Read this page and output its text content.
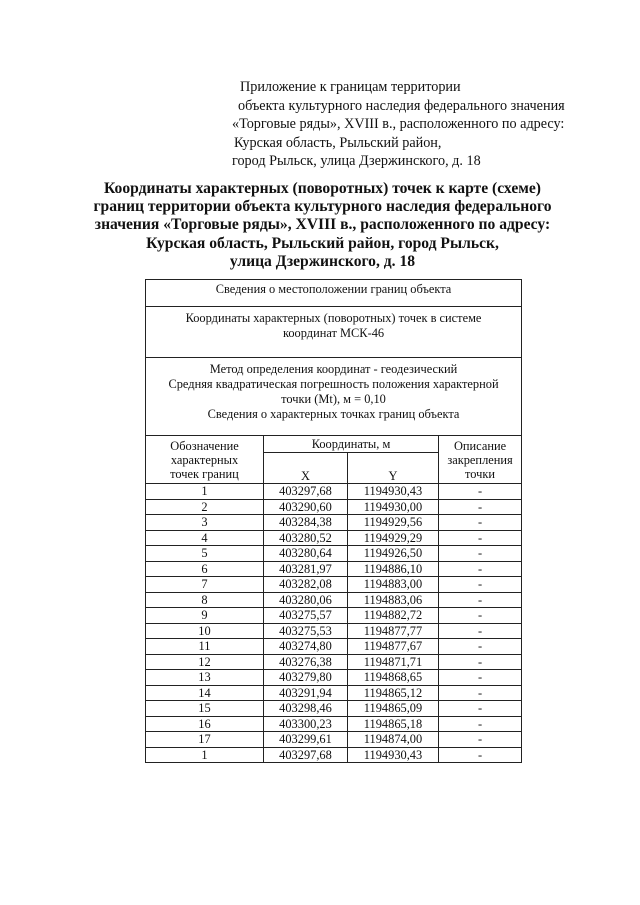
Приложение к границам территории
объекта культурного наследия федерального значения
«Торговые ряды», XVIII в., расположенного по адресу:
Курская область, Рыльский район,
город Рыльск, улица Дзержинского, д. 18
Координаты характерных (поворотных) точек к карте (схеме)
границ территории объекта культурного наследия федерального
значения «Торговые ряды», XVIII в., расположенного по адресу:
Курская область, Рыльский район, город Рыльск,
улица Дзержинского, д. 18
Сведения о местоположении границ объекта			

Координаты характерных (поворотных) точек в системе
координат МСК-46			

Метод определения координат - геодезический
Средняя квадратическая погрешность положения характерной
точки (Mt), м = 0,10
Сведения о характерных точках границ объекта			

Обозначение
характерных
точек границ
	Координаты, м	Описание
закрепления
точки

	X	Y	
1	403297,68	1194930,43	-
2	403290,60	1194930,00	-
3	403284,38	1194929,56	-
4	403280,52	1194929,29	-
5	403280,64	1194926,50	-
6	403281,97	1194886,10	-
7	403282,08	1194883,00	-
8	403280,06	1194883,06	-
9	403275,57	1194882,72	-
10	403275,53	1194877,77	-
11	403274,80	1194877,67	-
12	403276,38	1194871,71	-
13	403279,80	1194868,65	-
14	403291,94	1194865,12	-
15	403298,46	1194865,09	-
16	403300,23	1194865,18	-
17	403299,61	1194874,00	-
1	403297,68	1194930,43	-
